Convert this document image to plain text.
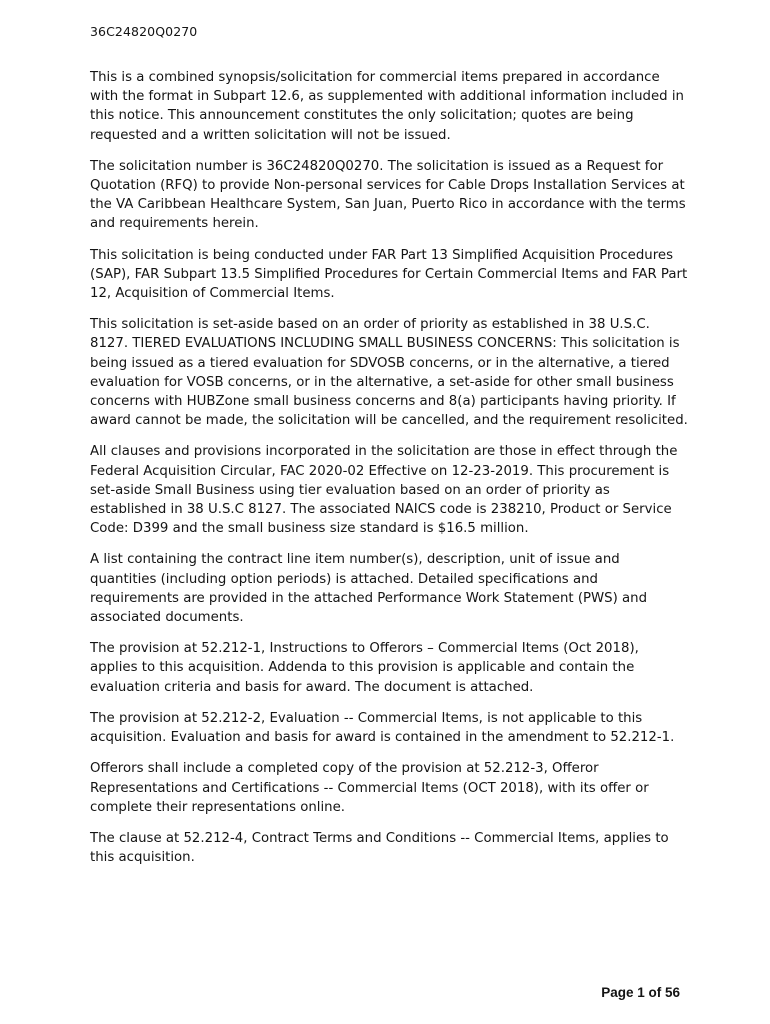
36C24820Q0270

This is a combined synopsis/solicitation for commercial items prepared in accordance with the format in Subpart 12.6, as supplemented with additional information included in this notice. This announcement constitutes the only solicitation; quotes are being requested and a written solicitation will not be issued.

The solicitation number is 36C24820Q0270. The solicitation is issued as a Request for Quotation (RFQ) to provide Non-personal services for Cable Drops Installation Services at the VA Caribbean Healthcare System, San Juan, Puerto Rico in accordance with the terms and requirements herein.

This solicitation is being conducted under FAR Part 13 Simplified Acquisition Procedures (SAP), FAR Subpart 13.5 Simplified Procedures for Certain Commercial Items and FAR Part 12, Acquisition of Commercial Items.

This solicitation is set-aside based on an order of priority as established in 38 U.S.C. 8127. TIERED EVALUATIONS INCLUDING SMALL BUSINESS CONCERNS: This solicitation is being issued as a tiered evaluation for SDVOSB concerns, or in the alternative, a tiered evaluation for VOSB concerns, or in the alternative, a set-aside for other small business concerns with HUBZone small business concerns and 8(a) participants having priority. If award cannot be made, the solicitation will be cancelled, and the requirement resolicited.

All clauses and provisions incorporated in the solicitation are those in effect through the Federal Acquisition Circular, FAC 2020-02 Effective on 12-23-2019. This procurement is set-aside Small Business using tier evaluation based on an order of priority as established in 38 U.S.C 8127. The associated NAICS code is 238210, Product or Service Code: D399 and the small business size standard is $16.5 million.

A list containing the contract line item number(s), description, unit of issue and quantities (including option periods) is attached. Detailed specifications and requirements are provided in the attached Performance Work Statement (PWS) and associated documents.

The provision at 52.212-1, Instructions to Offerors – Commercial Items (Oct 2018), applies to this acquisition. Addenda to this provision is applicable and contain the evaluation criteria and basis for award. The document is attached.

The provision at 52.212-2, Evaluation -- Commercial Items, is not applicable to this acquisition. Evaluation and basis for award is contained in the amendment to 52.212-1.

Offerors shall include a completed copy of the provision at 52.212-3, Offeror Representations and Certifications -- Commercial Items (OCT 2018), with its offer or complete their representations online.

The clause at 52.212-4, Contract Terms and Conditions -- Commercial Items, applies to this acquisition.

Page 1 of 56
